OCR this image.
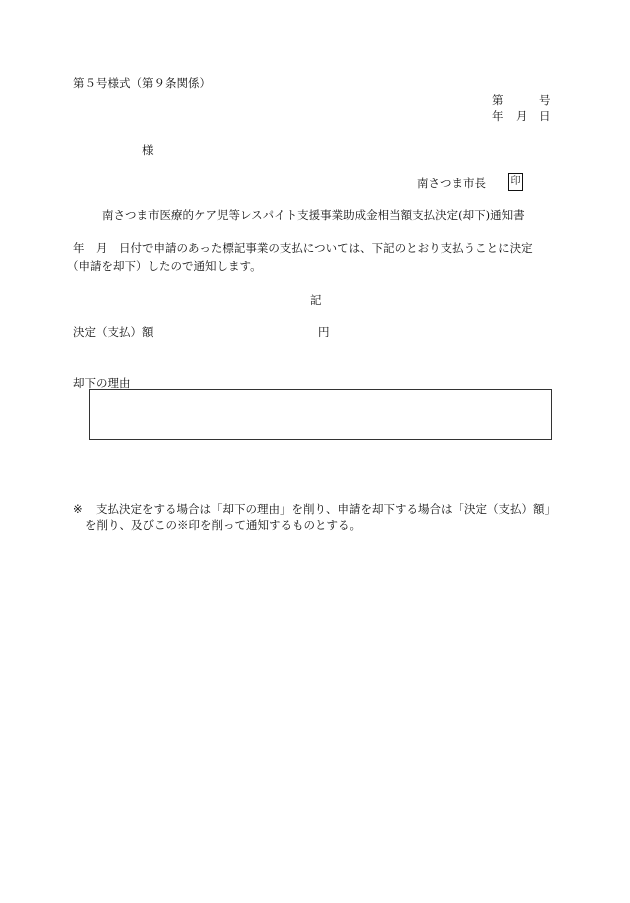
第５号様式（第９条関係）
第	号
年 月 日
様
南さつま市長 印
南さつま市医療的ケア児等レスパイト支援事業助成金相当額支払決定(却下)通知書
年　月　日付で申請のあった標記事業の支払については、下記のとおり支払うことに決定
（申請を却下）したので通知します。
記
決定（支払）額	円
却下の理由
※ 支払決定をする場合は「却下の理由」を削り、申請を却下する場合は「決定（支払）額」
を削り、及びこの※印を削って通知するものとする。
